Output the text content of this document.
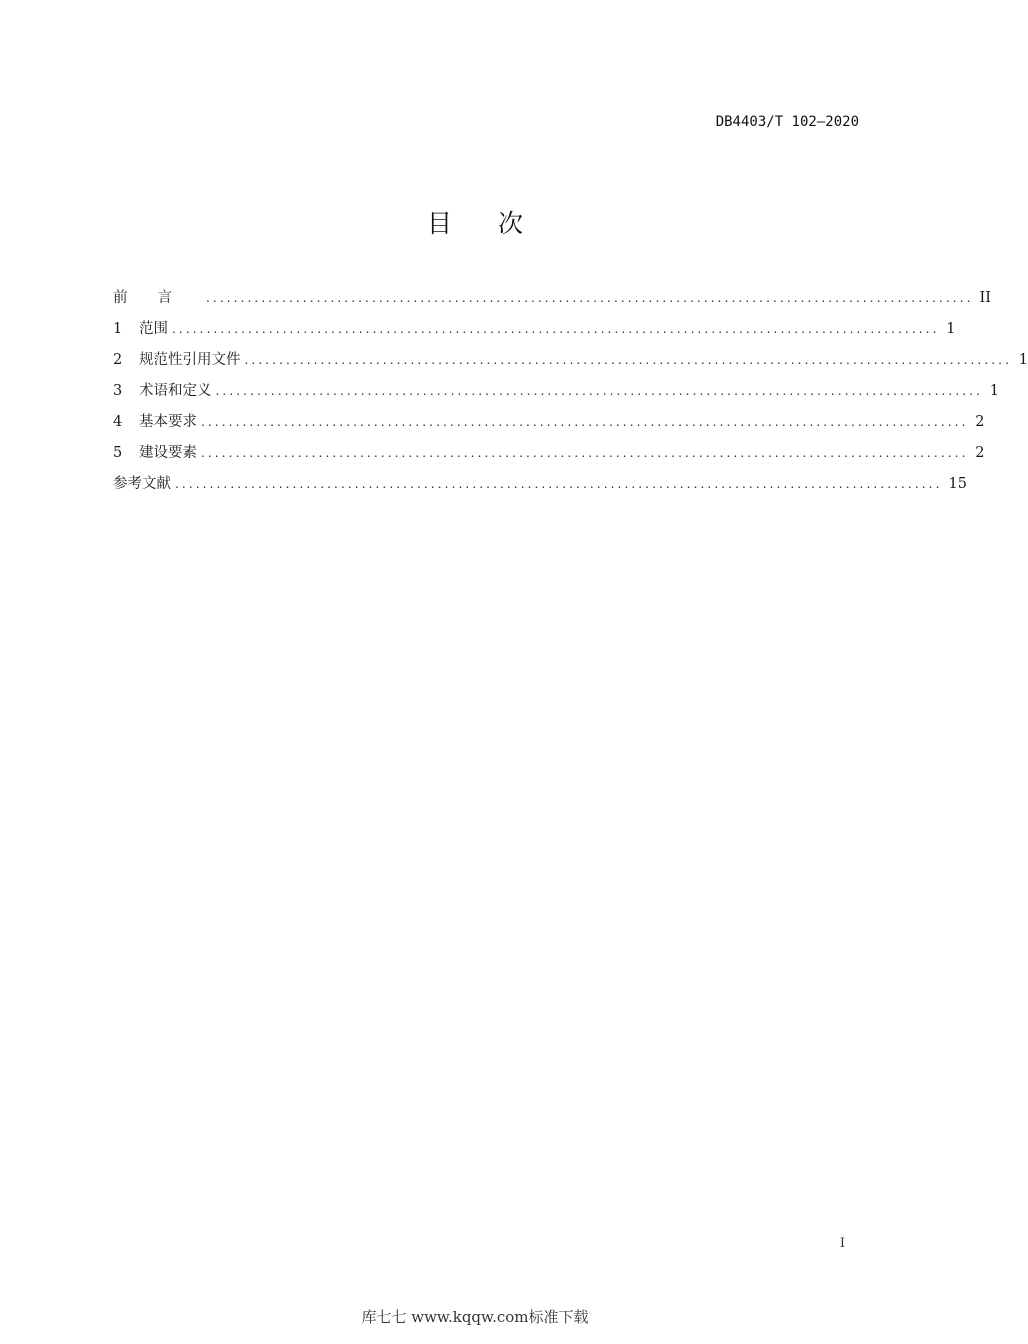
DB4403/T 102—2020
目次
前言 ............................................................................................................... II
1	范围 ............................................................................................................... 1
2	规范性引用文件 ............................................................................................................... 1
3	术语和定义 ............................................................................................................... 1
4	基本要求 ............................................................................................................... 2
5	建设要素 ............................................................................................................... 2
参考文献 ............................................................................................................... 15
I
库七七 www.kqqw.com标准下载
